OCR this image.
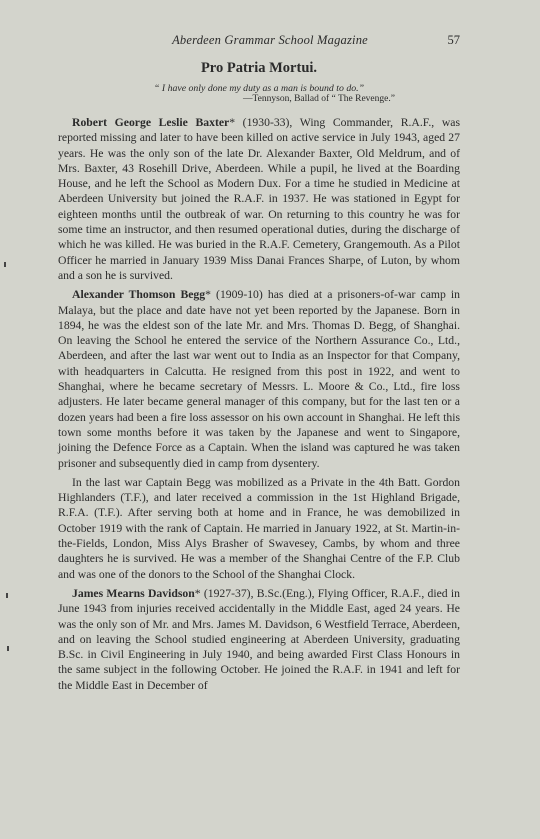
Aberdeen Grammar School Magazine	57
Pro Patria Mortui.
“ I have only done my duty as a man is bound to do.”
—Tennyson, Ballad of “ The Revenge.”

Robert George Leslie Baxter* (1930-33), Wing Commander, R.A.F., was reported missing and later to have been killed on active service in July 1943, aged 27 years. He was the only son of the late Dr. Alexander Baxter, Old Meldrum, and of Mrs. Baxter, 43 Rosehill Drive, Aberdeen. While a pupil, he lived at the Boarding House, and he left the School as Modern Dux. For a time he studied in Medicine at Aberdeen University but joined the R.A.F. in 1937. He was stationed in Egypt for eighteen months until the outbreak of war. On returning to this country he was for some time an instructor, and then resumed operational duties, during the discharge of which he was killed. He was buried in the R.A.F. Cemetery, Grangemouth. As a Pilot Officer he married in January 1939 Miss Danai Frances Sharpe, of Luton, by whom and a son he is survived.

Alexander Thomson Begg* (1909-10) has died at a prisoners-of-war camp in Malaya, but the place and date have not yet been reported by the Japanese. Born in 1894, he was the eldest son of the late Mr. and Mrs. Thomas D. Begg, of Shanghai. On leaving the School he entered the service of the Northern Assurance Co., Ltd., Aberdeen, and after the last war went out to India as an Inspector for that Company, with headquarters in Calcutta. He resigned from this post in 1922, and went to Shanghai, where he became secretary of Messrs. L. Moore & Co., Ltd., fire loss adjusters. He later became general manager of this company, but for the last ten or a dozen years had been a fire loss assessor on his own account in Shanghai. He left this town some months before it was taken by the Japanese and went to Singapore, joining the Defence Force as a Captain. When the island was captured he was taken prisoner and subsequently died in camp from dysentery.

In the last war Captain Begg was mobilized as a Private in the 4th Batt. Gordon Highlanders (T.F.), and later received a commission in the 1st Highland Brigade, R.F.A. (T.F.). After serving both at home and in France, he was demobilized in October 1919 with the rank of Captain. He married in January 1922, at St. Martin-in-the-Fields, London, Miss Alys Brasher of Swavesey, Cambs, by whom and three daughters he is survived. He was a member of the Shanghai Centre of the F.P. Club and was one of the donors to the School of the Shanghai Clock.

James Mearns Davidson* (1927-37), B.Sc.(Eng.), Flying Officer, R.A.F., died in June 1943 from injuries received accidentally in the Middle East, aged 24 years. He was the only son of Mr. and Mrs. James M. Davidson, 6 Westfield Terrace, Aberdeen, and on leaving the School studied engineering at Aberdeen University, graduating B.Sc. in Civil Engineering in July 1940, and being awarded First Class Honours in the same subject in the following October. He joined the R.A.F. in 1941 and left for the Middle East in December of
